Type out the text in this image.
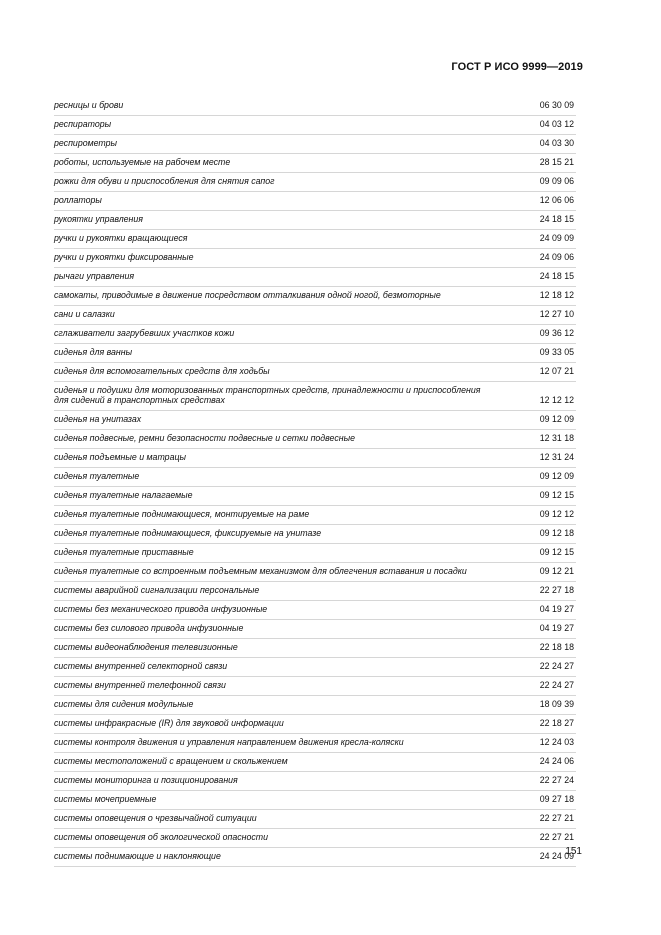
ГОСТ Р ИСО 9999—2019
ресницы и брови	06 30 09
респираторы	04 03 12
респирометры	04 03 30
роботы, используемые на рабочем месте	28 15 21
рожки для обуви и приспособления для снятия сапог	09 09 06
роллаторы	12 06 06
рукоятки управления	24 18 15
ручки и рукоятки вращающиеся	24 09 09
ручки и рукоятки фиксированные	24 09 06
рычаги управления	24 18 15
самокаты, приводимые в движение посредством отталкивания одной ногой, безмоторные	12 18 12
сани и салазки	12 27 10
сглаживатели загрубевших участков кожи	09 36 12
сиденья для ванны	09 33 05
сиденья для вспомогательных средств для ходьбы	12 07 21
сиденья и подушки для моторизованных транспортных средств, принадлежности и приспособления для сидений в транспортных средствах	12 12 12
сиденья на унитазах	09 12 09
сиденья подвесные, ремни безопасности подвесные и сетки подвесные	12 31 18
сиденья подъемные и матрацы	12 31 24
сиденья туалетные	09 12 09
сиденья туалетные налагаемые	09 12 15
сиденья туалетные поднимающиеся, монтируемые на раме	09 12 12
сиденья туалетные поднимающиеся, фиксируемые на унитазе	09 12 18
сиденья туалетные приставные	09 12 15
сиденья туалетные со встроенным подъемным механизмом для облегчения вставания и посадки	09 12 21
системы аварийной сигнализации персональные	22 27 18
системы без механического привода инфузионные	04 19 27
системы без силового привода инфузионные	04 19 27
системы видеонаблюдения телевизионные	22 18 18
системы внутренней селекторной связи	22 24 27
системы внутренней телефонной связи	22 24 27
системы для сидения модульные	18 09 39
системы инфракрасные (IR) для звуковой информации	22 18 27
системы контроля движения и управления направлением движения кресла-коляски	12 24 03
системы местоположений с вращением и скольжением	24 24 06
системы мониторинга и позиционирования	22 27 24
системы мочеприемные	09 27 18
системы оповещения о чрезвычайной ситуации	22 27 21
системы оповещения об экологической опасности	22 27 21
системы поднимающие и наклоняющие	24 24 09
151
